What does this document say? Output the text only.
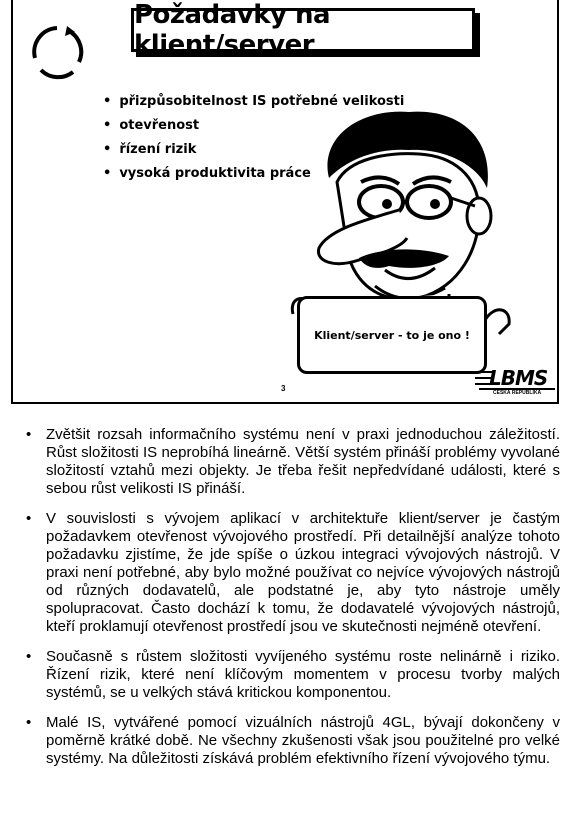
Požadavky na klient/server
• přizpůsobitelnost IS potřebné velikosti
• otevřenost
• řízení rizik
• vysoká produktivita práce
Klient/server - to je ono !
3	LBMS
ČESKÁ REPUBLIKA
• Zvětšit rozsah informačního systému není v praxi jednoduchou záležitostí. Růst složitosti IS neprobíhá lineárně. Větší systém přináší problémy vyvolané složitostí vztahů mezi objekty. Je třeba řešit nepředvídané události, které s sebou růst velikosti IS přináší.
• V souvislosti s vývojem aplikací v architektuře klient/server je častým požadavkem otevřenost vývojového prostředí. Při detailnější analýze tohoto požadavku zjistíme, že jde spíše o úzkou integraci vývojových nástrojů. V praxi není potřebné, aby bylo možné používat co nejvíce vývojových nástrojů od různých dodavatelů, ale podstatné je, aby tyto nástroje uměly spolupracovat. Často dochází k tomu, že dodavatelé vývojových nástrojů, kteří proklamují otevřenost prostředí jsou ve skutečnosti nejméně otevření.
• Současně s růstem složitosti vyvíjeného systému roste nelinárně i riziko. Řízení rizik, které není klíčovým momentem v procesu tvorby malých systémů, se u velkých stává kritickou komponentou.
• Malé IS, vytvářené pomocí vizuálních nástrojů 4GL, bývají dokončeny v poměrně krátké době. Ne všechny zkušenosti však jsou použitelné pro velké systémy. Na důležitosti získává problém efektivního řízení vývojového týmu.
